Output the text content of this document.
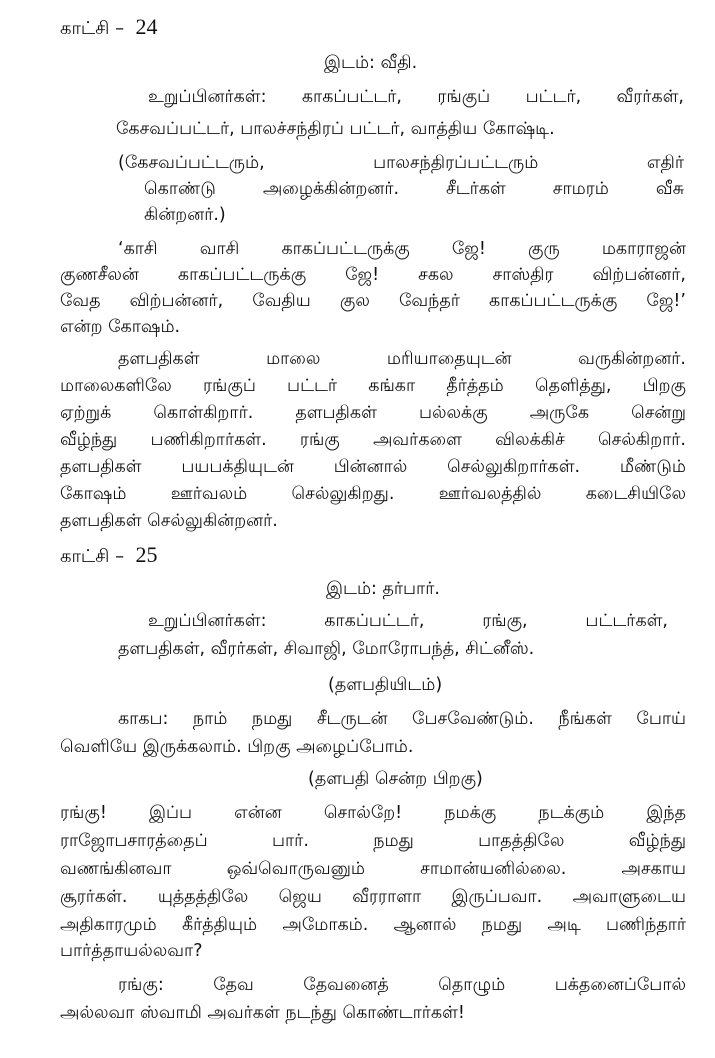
காட்சி – 24
இடம்: வீதி.
உறுப்பினர்கள்: காகப்பட்டர், ரங்குப் பட்டர், வீரர்கள்,
கேசவப்பட்டர், பாலச்சந்திரப் பட்டர், வாத்திய கோஷ்டி.
(கேசவப்பட்டரும், பாலசந்திரப்பட்டரும் எதிர்
கொண்டு அழைக்கின்றனர். சீடர்கள் சாமரம் வீசு
கின்றனர்.)
‘காசி வாசி காகப்பட்டருக்கு ஜே! குரு மகாராஜன்
குணசீலன் காகப்பட்டருக்கு ஜே! சகல சாஸ்திர விற்பன்னர்,
வேத விற்பன்னர், வேதிய குல வேந்தர் காகப்பட்டருக்கு ஜே!’
என்ற கோஷம்.
தளபதிகள் மாலை மரியாதையுடன் வருகின்றனர்.
மாலைகளிலே ரங்குப் பட்டர் கங்கா தீர்த்தம் தெளித்து, பிறகு
ஏற்றுக் கொள்கிறார். தளபதிகள் பல்லக்கு அருகே சென்று
வீழ்ந்து பணிகிறார்கள். ரங்கு அவர்களை விலக்கிச் செல்கிறார்.
தளபதிகள் பயபக்தியுடன் பின்னால் செல்லுகிறார்கள். மீண்டும்
கோஷம் ஊர்வலம் செல்லுகிறது. ஊர்வலத்தில் கடைசியிலே
தளபதிகள் செல்லுகின்றனர்.
காட்சி – 25
இடம்: தர்பார்.
உறுப்பினர்கள்: காகப்பட்டர், ரங்கு, பட்டர்கள்,
தளபதிகள், வீரர்கள், சிவாஜி, மோரோபந்த், சிட்னீஸ்.
(தளபதியிடம்)
காகப: நாம் நமது சீடருடன் பேசவேண்டும். நீங்கள் போய்
வெளியே இருக்கலாம். பிறகு அழைப்போம்.
(தளபதி சென்ற பிறகு)
ரங்கு! இப்ப என்ன சொல்றே! நமக்கு நடக்கும் இந்த
ராஜோபசாரத்தைப் பார். நமது பாதத்திலே வீழ்ந்து
வணங்கினவா ஒவ்வொருவனும் சாமான்யனில்லை. அசகாய
சூரர்கள். யுத்தத்திலே ஜெய வீரராளா இருப்பவா. அவாளுடைய
அதிகாரமும் கீர்த்தியும் அமோகம். ஆனால் நமது அடி பணிந்தார்
பார்த்தாயல்லவா?
ரங்கு: தேவ தேவனைத் தொழும் பக்தனைப்போல்
அல்லவா ஸ்வாமி அவர்கள் நடந்து கொண்டார்கள்!
